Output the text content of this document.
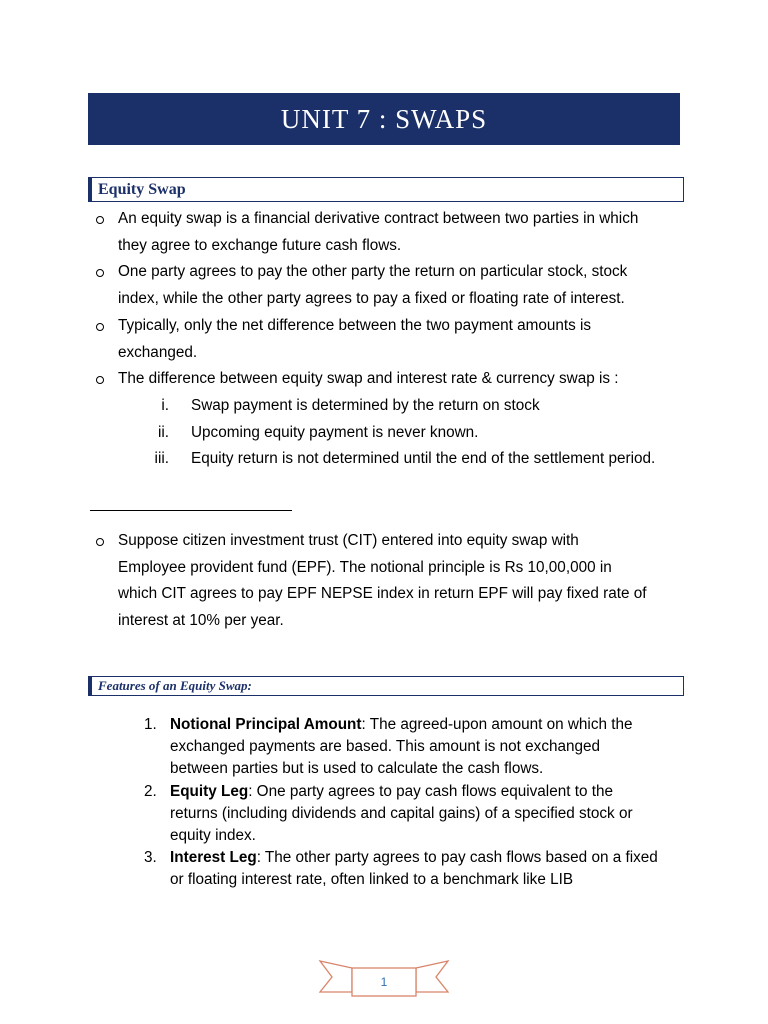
UNIT 7 : SWAPS
Equity Swap
An equity swap is a financial derivative contract between two parties in which
they agree to exchange future cash flows.
One party agrees to pay the other party the return on particular stock, stock
index, while the other party agrees to pay a fixed or floating rate of interest.
Typically, only the net difference between the two payment amounts is
exchanged.
The difference between equity swap and interest rate & currency swap is :
i. Swap payment is determined by the return on stock
ii. Upcoming equity payment is never known.
iii. Equity return is not determined until the end of the settlement period.
Suppose citizen investment trust (CIT) entered into equity swap with
Employee provident fund (EPF). The notional principle is Rs 10,00,000 in
which CIT agrees to pay EPF NEPSE index in return EPF will pay fixed rate of
interest at 10% per year.
Features of an Equity Swap:
1. Notional Principal Amount: The agreed-upon amount on which the
exchanged payments are based. This amount is not exchanged
between parties but is used to calculate the cash flows.
2. Equity Leg: One party agrees to pay cash flows equivalent to the
returns (including dividends and capital gains) of a specified stock or
equity index.
3. Interest Leg: The other party agrees to pay cash flows based on a fixed
or floating interest rate, often linked to a benchmark like LIB
1
